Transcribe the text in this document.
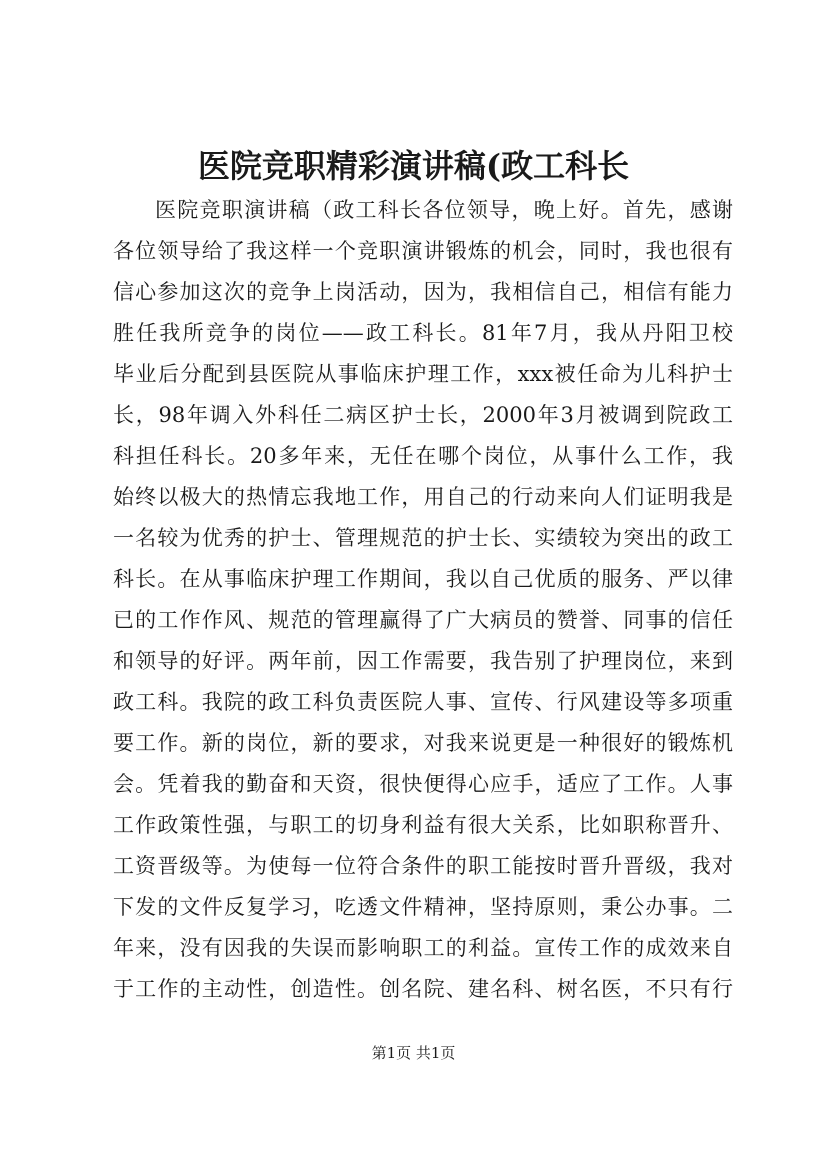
医院竞职精彩演讲稿(政工科长
医院竞职演讲稿（政工科长各位领导，晚上好。首先，感谢
各位领导给了我这样一个竞职演讲锻炼的机会，同时，我也很有
信心参加这次的竞争上岗活动，因为，我相信自己，相信有能力
胜任我所竞争的岗位——政工科长。81年7月，我从丹阳卫校
毕业后分配到县医院从事临床护理工作，xxx被任命为儿科护士
长，98年调入外科任二病区护士长，2000年3月被调到院政工
科担任科长。20多年来，无任在哪个岗位，从事什么工作，我
始终以极大的热情忘我地工作，用自己的行动来向人们证明我是
一名较为优秀的护士、管理规范的护士长、实绩较为突出的政工
科长。在从事临床护理工作期间，我以自己优质的服务、严以律
已的工作作风、规范的管理赢得了广大病员的赞誉、同事的信任
和领导的好评。两年前，因工作需要，我告别了护理岗位，来到
政工科。我院的政工科负责医院人事、宣传、行风建设等多项重
要工作。新的岗位，新的要求，对我来说更是一种很好的锻炼机
会。凭着我的勤奋和天资，很快便得心应手，适应了工作。人事
工作政策性强，与职工的切身利益有很大关系，比如职称晋升、
工资晋级等。为使每一位符合条件的职工能按时晋升晋级，我对
下发的文件反复学习，吃透文件精神，坚持原则，秉公办事。二
年来，没有因我的失误而影响职工的利益。宣传工作的成效来自
于工作的主动性，创造性。创名院、建名科、树名医，不只有行
第1页 共1页
